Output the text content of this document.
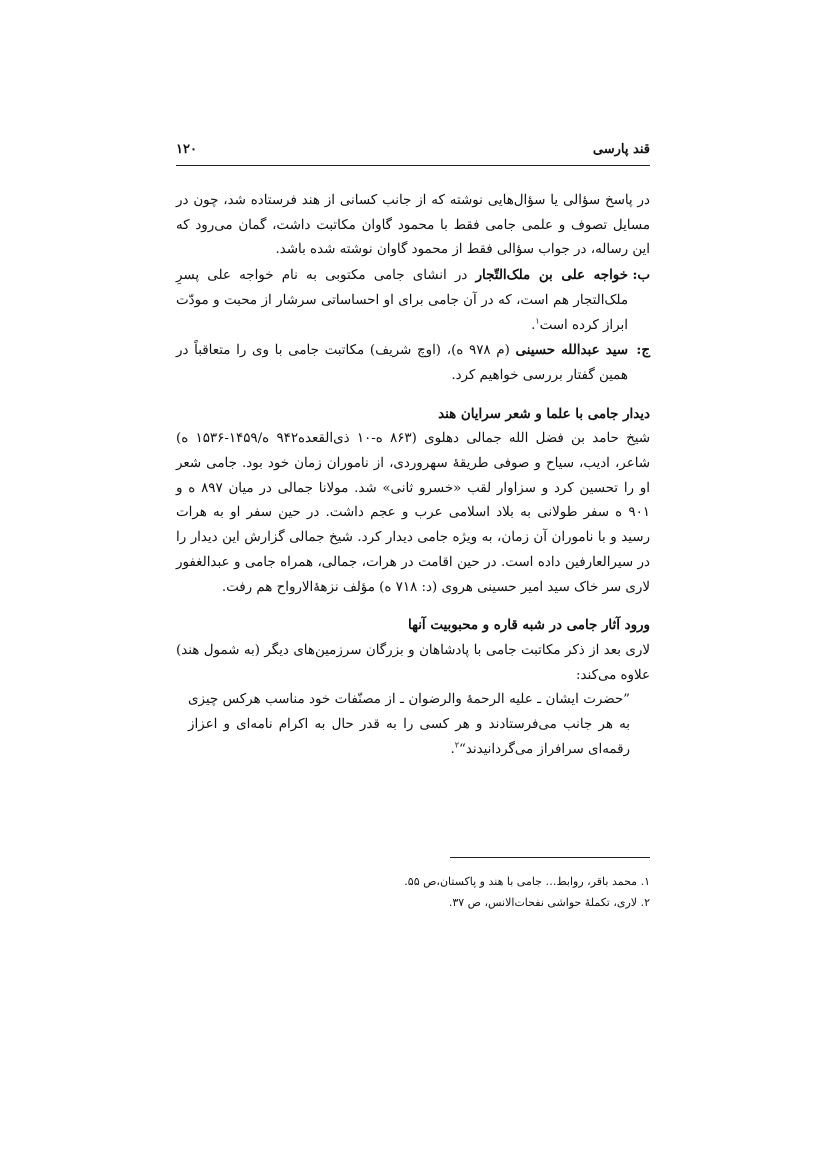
قند پارسی
۱۲۰

در پاسخ سؤالی یا سؤال‌هایی نوشته که از جانب کسانی از هند فرستاده شد، چون در مسایل تصوف و علمی جامی فقط با محمود گاوان مکاتبت داشت، گمان می‌رود که این رساله، در جواب سؤالی فقط از محمود گاوان نوشته شده باشد.

ب:
خواجه علی بن ملک‌التّجار در انشای جامی مکتوبی به نام خواجه علی پسرِ ملک‌التجار هم است، که در آن جامی برای او احساساتی سرشار از محبت و مودّت ابراز کرده است$^۱$.

ج:
سید عبدالله حسینی (م ۹۷۸ ه)، (اوچ شریف) مکاتبت جامی با وی را متعاقباً در همین گفتار بررسی خواهیم کرد.

دیدار جامی با علما و شعر سرایان هند

شیخ حامد بن فضل الله جمالی دهلوی (۸۶۳ ه-۱۰ ذی‌القعده۹۴۲ ه/۱۴۵۹-۱۵۳۶ ه) شاعر، ادیب، سیاح و صوفی طریقۀ سهروردی، از ناموران زمان خود بود. جامی شعر او را تحسین کرد و سزاوار لقب «خسرو ثانی» شد. مولانا جمالی در میان ۸۹۷ ه و ۹۰۱ ه سفر طولانی به بلاد اسلامی عرب و عجم داشت. در حین سفر او به هرات رسید و با ناموران آن زمان، به ویژه جامی دیدار کرد. شیخ جمالی گزارش این دیدار را در سیرالعارفین داده است. در حین اقامت در هرات، جمالی، همراه جامی و عبدالغفور لاری سر خاک سید امیر حسینی هروی (د: ۷۱۸ ه) مؤلف نزهۀالارواح هم رفت.

ورود آثار جامی در شبه قاره و محبوبیت آنها

لاری بعد از ذکر مکاتبت جامی با پادشاهان و بزرگان سرزمین‌های دیگر (به شمول هند) علاوه می‌کند:

”حضرت ایشان ـ علیه الرحمۀ والرضوان ـ از مصنّفات خود مناسب هرکس چیزی به هر جانب می‌فرستادند و هر کسی را به قدر حال به اکرام نامه‌ای و اعزاز رقمه‌ای سرافراز می‌گردانیدند“$^۲$.

۱. محمد باقر، روابط… جامی با هند و پاکستان،ص ۵۵.

۲. لاری، تکملۀ حواشی نفحات‌الانس، ص ۳۷.
